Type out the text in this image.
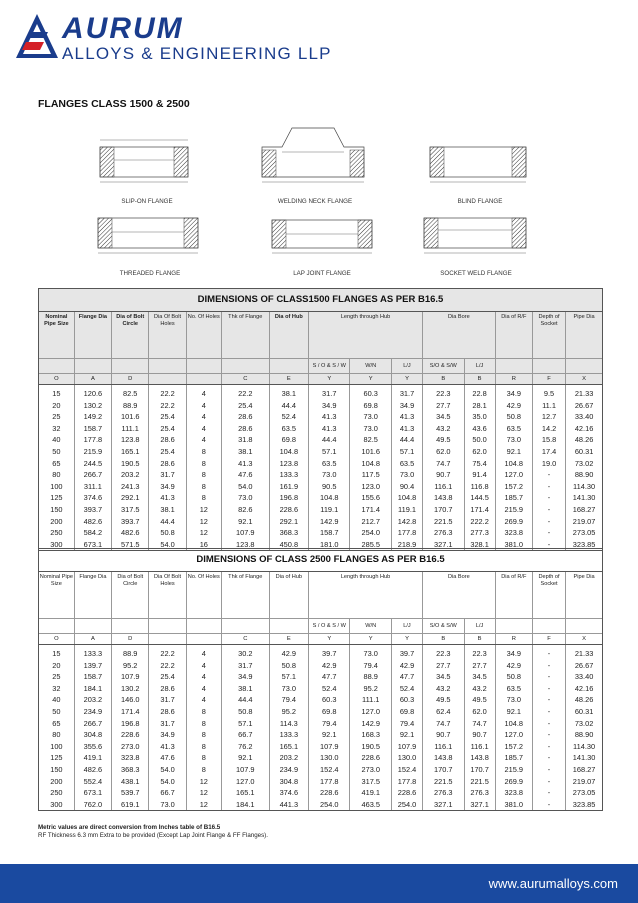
AURUM
ALLOYS & ENGINEERING LLP
FLANGES CLASS 1500 & 2500
SLIP-ON FLANGE	WELDING NECK FLANGE	BLIND FLANGE
THREADED FLANGE	LAP JOINT FLANGE	SOCKET WELD FLANGE
DIMENSIONS OF CLASS1500 FLANGES AS PER B16.5
Nominal Pipe Size	Flange Dia	Dia of Bolt Circle	Dia Of Bolt Holes	No. Of Holes	Thk of Flange	Dia of Hub	Length through Hub			Dia Bore		Dia of R/F	Depth of Socket	Pipe Dia
							S / O & S / W	W/N	L/J	S/O & S/W	L/J			
O	A	D			C	E	Y	Y	Y	B	B	R	F	X
15	120.6	82.5	22.2	4	22.2	38.1	31.7	60.3	31.7	22.3	22.8	34.9	9.5	21.33
20	130.2	88.9	22.2	4	25.4	44.4	34.9	69.8	34.9	27.7	28.1	42.9	11.1	26.67
25	149.2	101.6	25.4	4	28.6	52.4	41.3	73.0	41.3	34.5	35.0	50.8	12.7	33.40
32	158.7	111.1	25.4	4	28.6	63.5	41.3	73.0	41.3	43.2	43.6	63.5	14.2	42.16
40	177.8	123.8	28.6	4	31.8	69.8	44.4	82.5	44.4	49.5	50.0	73.0	15.8	48.26
50	215.9	165.1	25.4	8	38.1	104.8	57.1	101.6	57.1	62.0	62.0	92.1	17.4	60.31
65	244.5	190.5	28.6	8	41.3	123.8	63.5	104.8	63.5	74.7	75.4	104.8	19.0	73.02
80	266.7	203.2	31.7	8	47.6	133.3	73.0	117.5	73.0	90.7	91.4	127.0	-	88.90
100	311.1	241.3	34.9	8	54.0	161.9	90.5	123.0	90.4	116.1	116.8	157.2	-	114.30
125	374.6	292.1	41.3	8	73.0	196.8	104.8	155.6	104.8	143.8	144.5	185.7	-	141.30
150	393.7	317.5	38.1	12	82.6	228.6	119.1	171.4	119.1	170.7	171.4	215.9	-	168.27
200	482.6	393.7	44.4	12	92.1	292.1	142.9	212.7	142.8	221.5	222.2	269.9	-	219.07
250	584.2	482.6	50.8	12	107.9	368.3	158.7	254.0	177.8	276.3	277.3	323.8	-	273.05
300	673.1	571.5	54.0	16	123.8	450.8	181.0	285.5	218.9	327.1	328.1	381.0	-	323.85
DIMENSIONS OF CLASS 2500 FLANGES AS PER B16.5
Nominal Pipe Size	Flange Dia	Dia of Bolt Circle	Dia Of Bolt Holes	No. Of Holes	Thk of Flange	Dia of Hub	Length through Hub			Dia Bore		Dia of R/F	Depth of Socket	Pipe Dia
							S / O & S / W	W/N	L/J	S/O & S/W	L/J			
O	A	D			C	E	Y	Y	Y	B	B	R	F	X
15	133.3	88.9	22.2	4	30.2	42.9	39.7	73.0	39.7	22.3	22.3	34.9	-	21.33
20	139.7	95.2	22.2	4	31.7	50.8	42.9	79.4	42.9	27.7	27.7	42.9	-	26.67
25	158.7	107.9	25.4	4	34.9	57.1	47.7	88.9	47.7	34.5	34.5	50.8	-	33.40
32	184.1	130.2	28.6	4	38.1	73.0	52.4	95.2	52.4	43.2	43.2	63.5	-	42.16
40	203.2	146.0	31.7	4	44.4	79.4	60.3	111.1	60.3	49.5	49.5	73.0	-	48.26
50	234.9	171.4	28.6	8	50.8	95.2	69.8	127.0	69.8	62.4	62.0	92.1	-	60.31
65	266.7	196.8	31.7	8	57.1	114.3	79.4	142.9	79.4	74.7	74.7	104.8	-	73.02
80	304.8	228.6	34.9	8	66.7	133.3	92.1	168.3	92.1	90.7	90.7	127.0	-	88.90
100	355.6	273.0	41.3	8	76.2	165.1	107.9	190.5	107.9	116.1	116.1	157.2	-	114.30
125	419.1	323.8	47.6	8	92.1	203.2	130.0	228.6	130.0	143.8	143.8	185.7	-	141.30
150	482.6	368.3	54.0	8	107.9	234.9	152.4	273.0	152.4	170.7	170.7	215.9	-	168.27
200	552.4	438.1	54.0	12	127.0	304.8	177.8	317.5	177.8	221.5	221.5	269.9	-	219.07
250	673.1	539.7	66.7	12	165.1	374.6	228.6	419.1	228.6	276.3	276.3	323.8	-	273.05
300	762.0	619.1	73.0	12	184.1	441.3	254.0	463.5	254.0	327.1	327.1	381.0	-	323.85
Metric values are direct conversion from Inches table of B16.5
RF Thickness 6.3 mm Extra to be provided (Except Lap Joint Flange & FF Flanges).
www.aurumalloys.com
